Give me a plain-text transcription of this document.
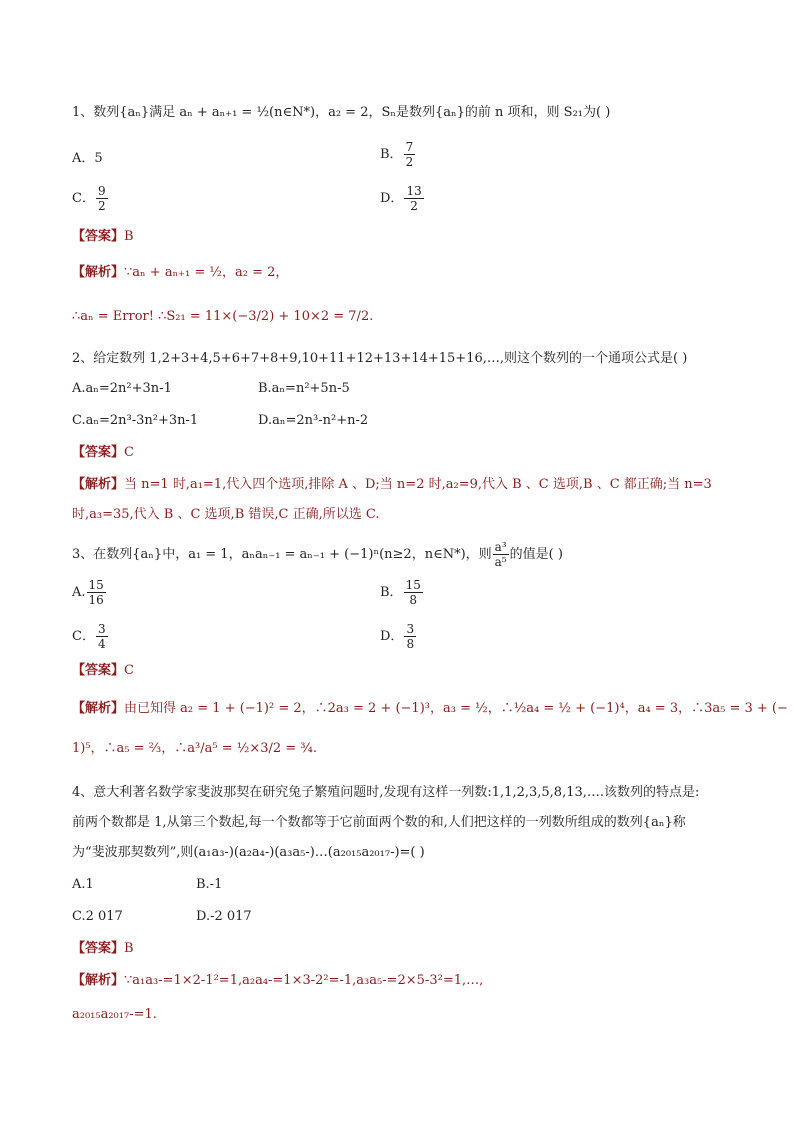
1、数列{aₙ}满足 aₙ + aₙ₊₁ = ½(n∈N*)，a₂ = 2，Sₙ是数列{aₙ}的前 n 项和，则 S₂₁为( )
A．5	B． $\frac{7}{2}$
C． $\frac{9}{2}$	D． $\frac{13}{2}$
【答案】B
【解析】∵aₙ + aₙ₊₁ = ½，a₂ = 2，
∴aₙ = Error! ∴S₂₁ = 11×(−3/2) + 10×2 = 7/2.
2、给定数列 1,2+3+4,5+6+7+8+9,10+11+12+13+14+15+16,…,则这个数列的一个通项公式是( )
A.aₙ=2n²+3n-1	B.aₙ=n²+5n-5
C.aₙ=2n³-3n²+3n-1	D.aₙ=2n³-n²+n-2
【答案】C
【解析】当 n=1 时,a₁=1,代入四个选项,排除 A 、D;当 n=2 时,a₂=9,代入 B 、C 选项,B 、C 都正确;当 n=3
时,a₃=35,代入 B 、C 选项,B 错误,C 正确,所以选 C.
3、在数列{aₙ}中，a₁ = 1，aₙaₙ₋₁ = aₙ₋₁ + (−1)ⁿ(n≥2，n∈N*)，则 $\frac{\text{a³}}{\text{a⁵}}$ 的值是( )
A. $\frac{15}{16}$	B． $\frac{15}{8}$
C． $\frac{3}{4}$	D． $\frac{3}{8}$
【答案】C
【解析】由已知得 a₂ = 1 + (−1)² = 2，∴2a₃ = 2 + (−1)³，a₃ = ½，∴½a₄ = ½ + (−1)⁴，a₄ = 3，∴3a₅ = 3 + (−
1)⁵，∴a₅ = ⅔，∴a³/a⁵ = ½×3/2 = ¾.
4、意大利著名数学家斐波那契在研究兔子繁殖问题时,发现有这样一列数:1,1,2,3,5,8,13,….该数列的特点是:
前两个数都是 1,从第三个数起,每一个数都等于它前面两个数的和,人们把这样的一列数所组成的数列{aₙ}称
为“斐波那契数列”,则(a₁a₃-)(a₂a₄-)(a₃a₅-)…(a₂₀₁₅a₂₀₁₇-)=( )
A.1	B.-1
C.2 017	D.-2 017
【答案】B
【解析】∵a₁a₃-=1×2-1²=1,a₂a₄-=1×3-2²=-1,a₃a₅-=2×5-3²=1,…,
a₂₀₁₅a₂₀₁₇-=1.
